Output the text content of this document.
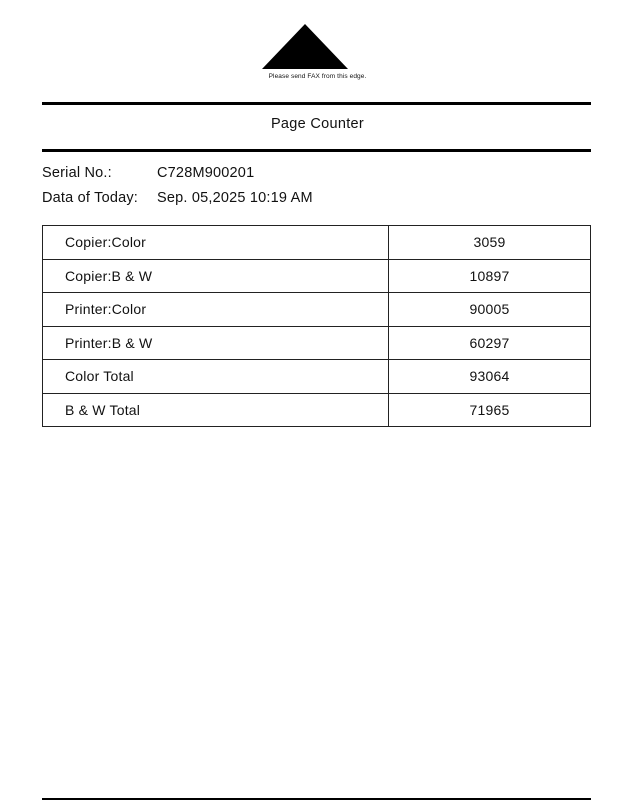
Please send FAX from this edge.
Page Counter
Serial No.:	C728M900201
Data of Today: Sep. 05,2025 10:19 AM
Copier:Color	3059
Copier:B & W	10897
Printer:Color	90005
Printer:B & W	60297
Color Total	93064
B & W Total	71965
